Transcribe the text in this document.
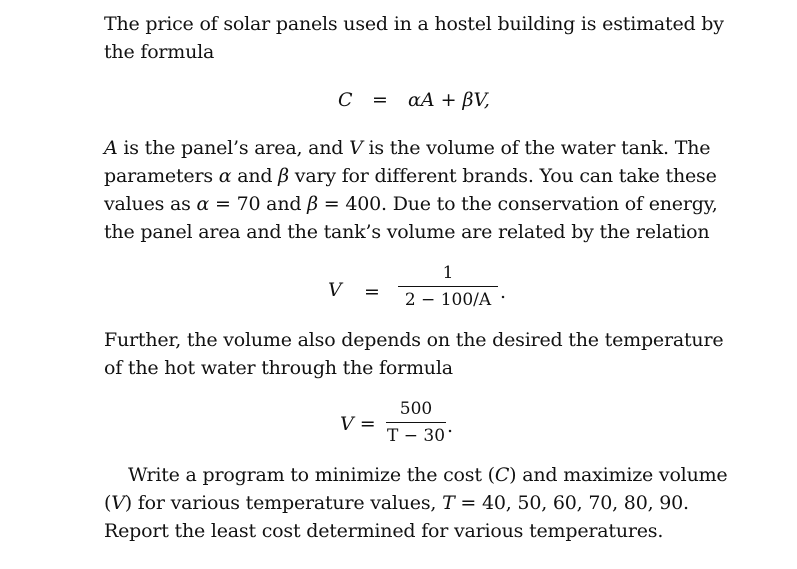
The price of solar panels used in a hostel building is estimated by the formula

C = αA + βV,

A is the panel’s area, and V is the volume of the water tank. The parameters α and β vary for different brands. You can take these values as α = 70 and β = 400. Due to the conservation of energy, the panel area and the tank’s volume are related by the relation

V =
1
2 − 100/A .

Further, the volume also depends on the desired the temperature of the hot water through the formula

V =
500
T − 30 .

Write a program to minimize the cost (C) and maximize volume (V) for various temperature values, T = 40, 50, 60, 70, 80, 90. Report the least cost determined for various temperatures.
